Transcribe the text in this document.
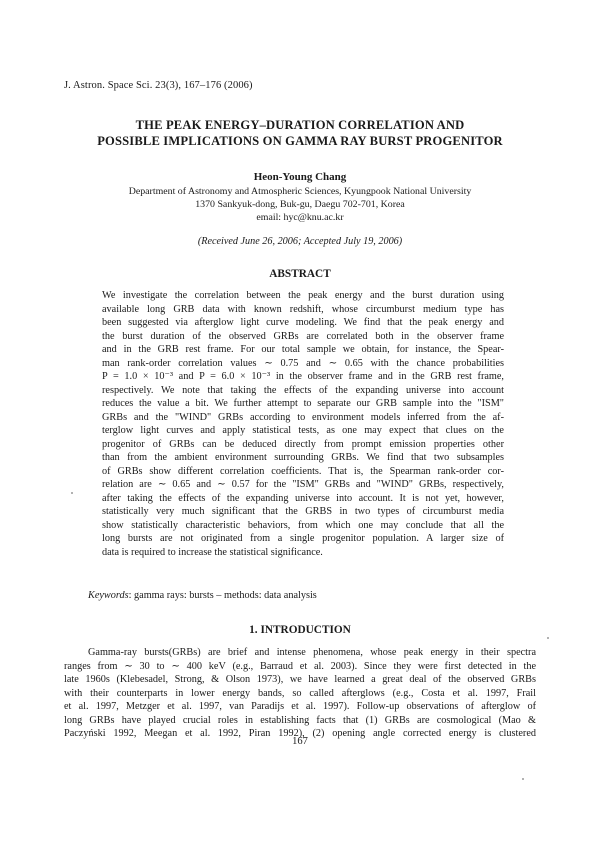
J. Astron. Space Sci. 23(3), 167–176 (2006)
THE PEAK ENERGY–DURATION CORRELATION AND
POSSIBLE IMPLICATIONS ON GAMMA RAY BURST PROGENITOR
Heon-Young Chang
Department of Astronomy and Atmospheric Sciences, Kyungpook National University
1370 Sankyuk-dong, Buk-gu, Daegu 702-701, Korea
email: hyc@knu.ac.kr
(Received June 26, 2006; Accepted July 19, 2006)
ABSTRACT
We investigate the correlation between the peak energy and the burst duration using
available long GRB data with known redshift, whose circumburst medium type has
been suggested via afterglow light curve modeling. We find that the peak energy and
the burst duration of the observed GRBs are correlated both in the observer frame
and in the GRB rest frame. For our total sample we obtain, for instance, the Spear-
man rank-order correlation values ∼ 0.75 and ∼ 0.65 with the chance probabilities
P = 1.0 × 10⁻³ and P = 6.0 × 10⁻³ in the observer frame and in the GRB rest frame,
respectively. We note that taking the effects of the expanding universe into account
reduces the value a bit. We further attempt to separate our GRB sample into the "ISM"
GRBs and the "WIND" GRBs according to environment models inferred from the af-
terglow light curves and apply statistical tests, as one may expect that clues on the
progenitor of GRBs can be deduced directly from prompt emission properties other
than from the ambient environment surrounding GRBs. We find that two subsamples
of GRBs show different correlation coefficients. That is, the Spearman rank-order cor-
relation are ∼ 0.65 and ∼ 0.57 for the "ISM" GRBs and "WIND" GRBs, respectively,
after taking the effects of the expanding universe into account. It is not yet, however,
statistically very much significant that the GRBS in two types of circumburst media
show statistically characteristic behaviors, from which one may conclude that all the
long bursts are not originated from a single progenitor population. A larger size of
data is required to increase the statistical significance.
Keywords: gamma rays: bursts – methods: data analysis
1. INTRODUCTION
Gamma-ray bursts(GRBs) are brief and intense phenomena, whose peak energy in their spectra
ranges from ∼ 30 to ∼ 400 keV (e.g., Barraud et al. 2003). Since they were first detected in the
late 1960s (Klebesadel, Strong, & Olson 1973), we have learned a great deal of the observed GRBs
with their counterparts in lower energy bands, so called afterglows (e.g., Costa et al. 1997, Frail
et al. 1997, Metzger et al. 1997, van Paradijs et al. 1997). Follow-up observations of afterglow of
long GRBs have played crucial roles in establishing facts that (1) GRBs are cosmological (Mao &
Paczyński 1992, Meegan et al. 1992, Piran 1992), (2) opening angle corrected energy is clustered
167
